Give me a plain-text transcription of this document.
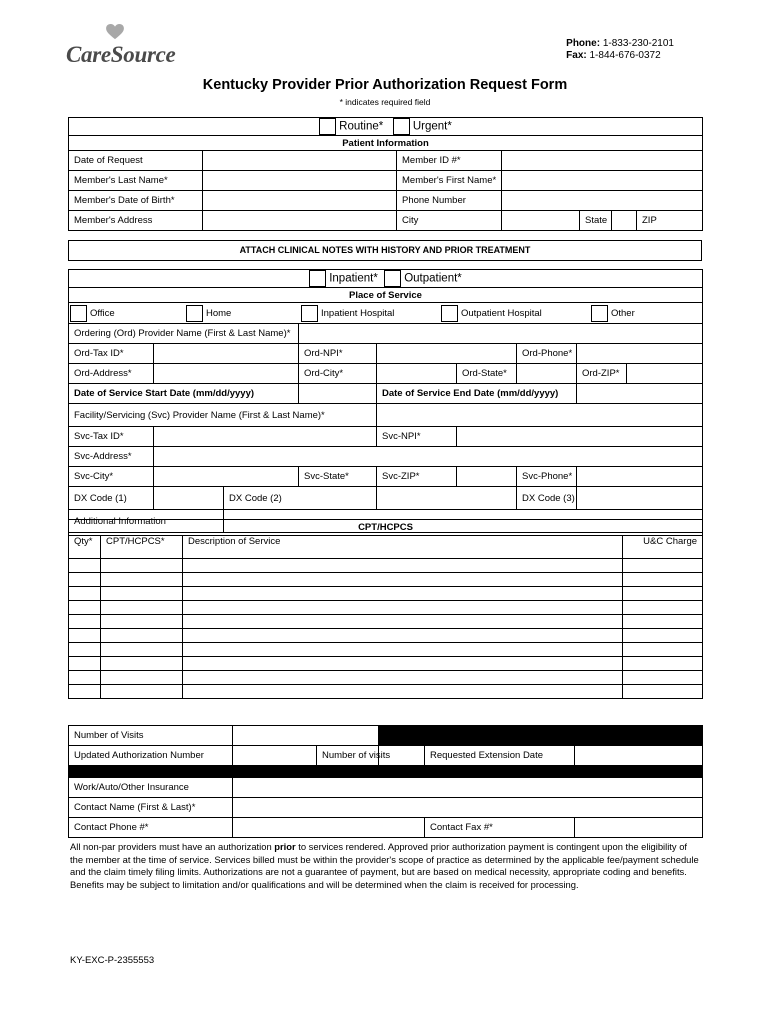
CareSource	Phone: 1-833-230-2101
Fax: 1-844-676-0372
Kentucky Provider Prior Authorization Request Form
* indicates required field
Routine* Urgent*						
Patient Information						
Date of Request		Member ID #*				
Member's Last Name*		Member's First Name*				
Member's Date of Birth*		Phone Number				
Member's Address		City		State		ZIP
ATTACH CLINICAL NOTES WITH HISTORY AND PRIOR TREATMENT
Inpatient* Outpatient*								
Place of Service								

Office Home Inpatient Hospital Outpatient Hospital Other								

Ordering (Ord) Provider Name (First & Last Name)*								
Ord-Tax ID*			Ord-NPI*			Ord-Phone*		
Ord-Address*			Ord-City*		Ord-State*		Ord-ZIP*	
Date of Service Start Date (mm/dd/yyyy)				Date of Service End Date (mm/dd/yyyy)				
Facility/Servicing (Svc) Provider Name (First & Last Name)*								
Svc-Tax ID*				Svc-NPI*				
Svc-Address*								
Svc-City*			Svc-State*	Svc-ZIP*		Svc-Phone*		
DX Code (1)		DX Code (2)				DX Code (3)		
Additional Information								
CPT/HCPCS			
Qty*	CPT/HCPCS*	Description of Service	U&C Charge

Number of Visits					
Updated Authorization Number		Number of visits		Requested Extension Date	

Work/Auto/Other Insurance					
Contact Name (First & Last)*					
Contact Phone #*				Contact Fax #*	
All non-par providers must have an authorization prior to services rendered. Approved prior authorization payment is contingent upon the eligibility of the member at the time of service. Services billed must be within the provider's scope of practice as determined by the applicable fee/payment schedule and the claim timely filing limits. Authorizations are not a guarantee of payment, but are based on medical necessity, appropriate coding and benefits. Benefits may be subject to limitation and/or qualifications and will be determined when the claim is received for processing.
KY-EXC-P-2355553
